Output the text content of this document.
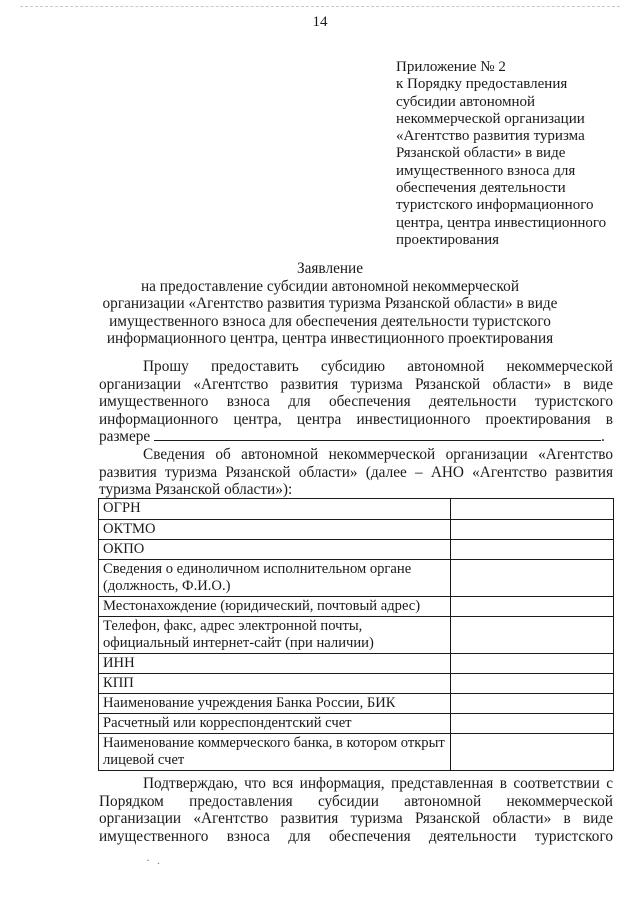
14
Приложение № 2
к Порядку предоставления
субсидии автономной
некоммерческой организации
«Агентство развития туризма
Рязанской области» в виде
имущественного взноса для
обеспечения деятельности
туристского информационного
центра, центра инвестиционного
проектирования
Заявление
на предоставление субсидии автономной некоммерческой
организации «Агентство развития туризма Рязанской области» в виде
имущественного взноса для обеспечения деятельности туристского
информационного центра, центра инвестиционного проектирования
Прошу предоставить субсидию автономной некоммерческой
организации «Агентство развития туризма Рязанской области» в виде
имущественного взноса для обеспечения деятельности туристского
информационного центра, центра инвестиционного проектирования в
размере	.
Сведения об автономной некоммерческой организации «Агентство
развития туризма Рязанской области» (далее – АНО «Агентство развития
туризма Рязанской области»):
ОГРН	
ОКТМО	
ОКПО	
Сведения о единоличном исполнительном органе (должность, Ф.И.О.)	
Местонахождение (юридический, почтовый адрес)	
Телефон, факс, адрес электронной почты, официальный интернет-сайт (при наличии)	
ИНН	
КПП	
Наименование учреждения Банка России, БИК	
Расчетный или корреспондентский счет	
Наименование коммерческого банка, в котором открыт лицевой счет	
Подтверждаю, что вся информация, представленная в соответствии с
Порядком предоставления субсидии автономной некоммерческой
организации «Агентство развития туризма Рязанской области» в виде
имущественного взноса для обеспечения деятельности туристского
· .
